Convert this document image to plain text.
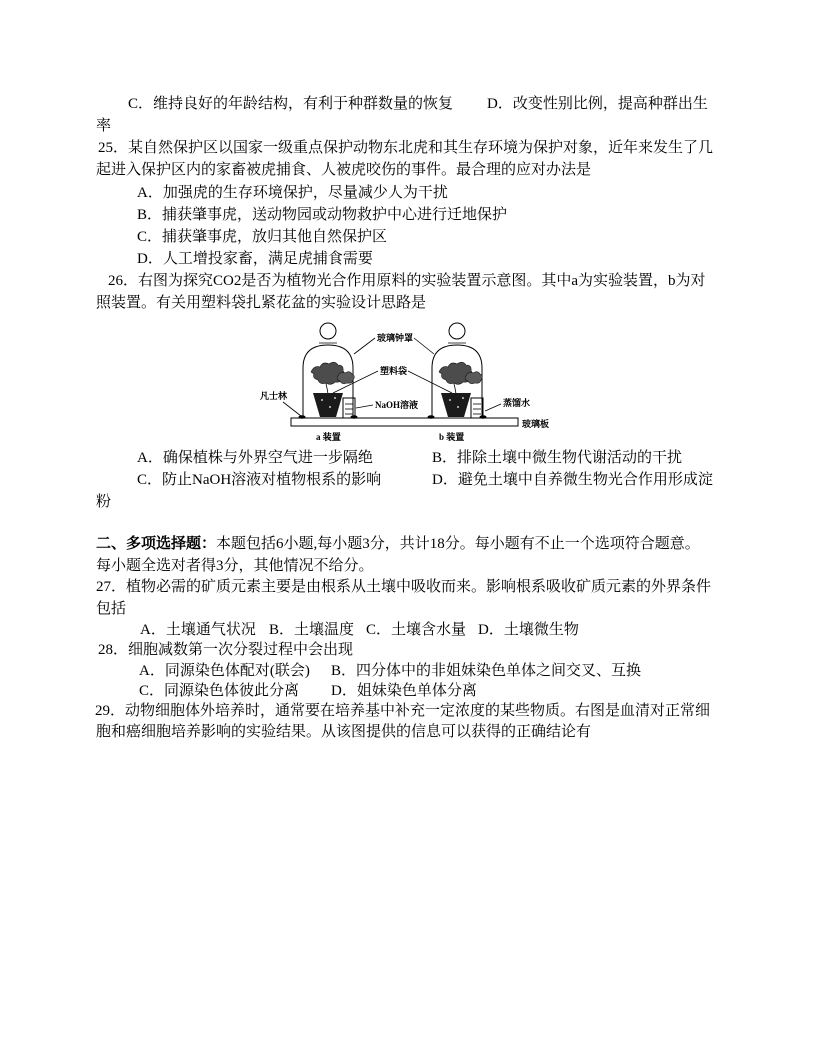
C．维持良好的年龄结构，有利于种群数量的恢复 D．改变性别比例，提高种群出生
率
25．某自然保护区以国家一级重点保护动物东北虎和其生存环境为保护对象，近年来发生了几
起进入保护区内的家畜被虎捕食、人被虎咬伤的事件。最合理的应对办法是
A．加强虎的生存环境保护，尽量减少人为干扰
B．捕获肇事虎，送动物园或动物救护中心进行迁地保护
C．捕获肇事虎，放归其他自然保护区
D．人工增投家畜，满足虎捕食需要
26．右图为探究CO2是否为植物光合作用原料的实验装置示意图。其中a为实验装置，b为对
照装置。有关用塑料袋扎紧花盆的实验设计思路是
玻璃钟罩
塑料袋
NaOH溶液
凡士林
蒸馏水
玻璃板
a 装置	b 装置
A．确保植株与外界空气进一步隔绝	B．排除土壤中微生物代谢活动的干扰
C．防止NaOH溶液对植物根系的影响	D．避免土壤中自养微生物光合作用形成淀
粉
二、多项选择题：本题包括6小题,每小题3分，共计18分。每小题有不止一个选项符合题意。
每小题全选对者得3分，其他情况不给分。
27．植物必需的矿质元素主要是由根系从土壤中吸收而来。影响根系吸收矿质元素的外界条件
包括
A．土壤通气状况 B．土壤温度 C．土壤含水量 D．土壤微生物
28．细胞减数第一次分裂过程中会出现
A．同源染色体配对(联会) B．四分体中的非姐妹染色单体之间交叉、互换
C．同源染色体彼此分离 D．姐妹染色单体分离
29．动物细胞体外培养时，通常要在培养基中补充一定浓度的某些物质。右图是血清对正常细
胞和癌细胞培养影响的实验结果。从该图提供的信息可以获得的正确结论有
